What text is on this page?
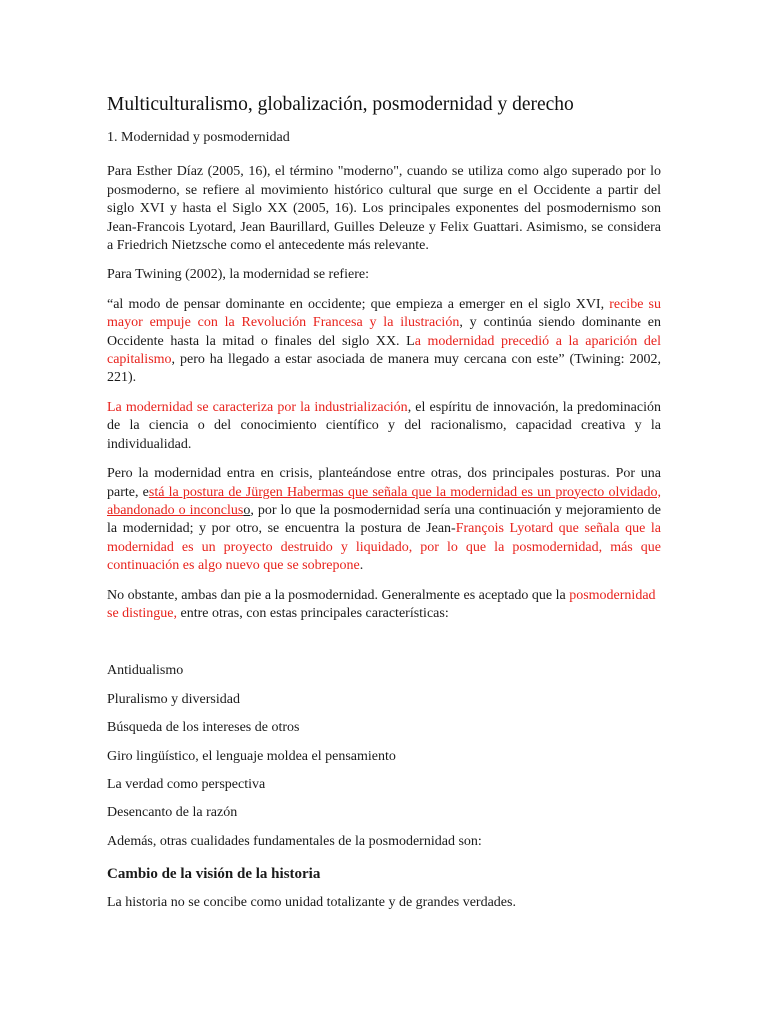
Multiculturalismo, globalización, posmodernidad y derecho

1. Modernidad y posmodernidad

Para Esther Díaz (2005, 16), el término "moderno", cuando se utiliza como algo superado por lo posmoderno, se refiere al movimiento histórico cultural que surge en el Occidente a partir del siglo XVI y hasta el Siglo XX (2005, 16). Los principales exponentes del posmodernismo son Jean-Francois Lyotard, Jean Baurillard, Guilles Deleuze y Felix Guattari. Asimismo, se considera a Friedrich Nietzsche como el antecedente más relevante.

Para Twining (2002), la modernidad se refiere:

“al modo de pensar dominante en occidente; que empieza a emerger en el siglo XVI, recibe su mayor empuje con la Revolución Francesa y la ilustración, y continúa siendo dominante en Occidente hasta la mitad o finales del siglo XX. La modernidad precedió a la aparición del capitalismo, pero ha llegado a estar asociada de manera muy cercana con este” (Twining: 2002, 221).

La modernidad se caracteriza por la industrialización, el espíritu de innovación, la predominación de la ciencia o del conocimiento científico y del racionalismo, capacidad creativa y la individualidad.

Pero la modernidad entra en crisis, planteándose entre otras, dos principales posturas. Por una parte, está la postura de Jürgen Habermas que señala que la modernidad es un proyecto olvidado, abandonado o inconcluso, por lo que la posmodernidad sería una continuación y mejoramiento de la modernidad; y por otro, se encuentra la postura de Jean-François Lyotard que señala que la modernidad es un proyecto destruido y liquidado, por lo que la posmodernidad, más que continuación es algo nuevo que se sobrepone.

No obstante, ambas dan pie a la posmodernidad. Generalmente es aceptado que la posmodernidad se distingue, entre otras, con estas principales características:

Antidualismo

Pluralismo y diversidad

Búsqueda de los intereses de otros

Giro lingüístico, el lenguaje moldea el pensamiento

La verdad como perspectiva

Desencanto de la razón

Además, otras cualidades fundamentales de la posmodernidad son:

Cambio de la visión de la historia

La historia no se concibe como unidad totalizante y de grandes verdades.
